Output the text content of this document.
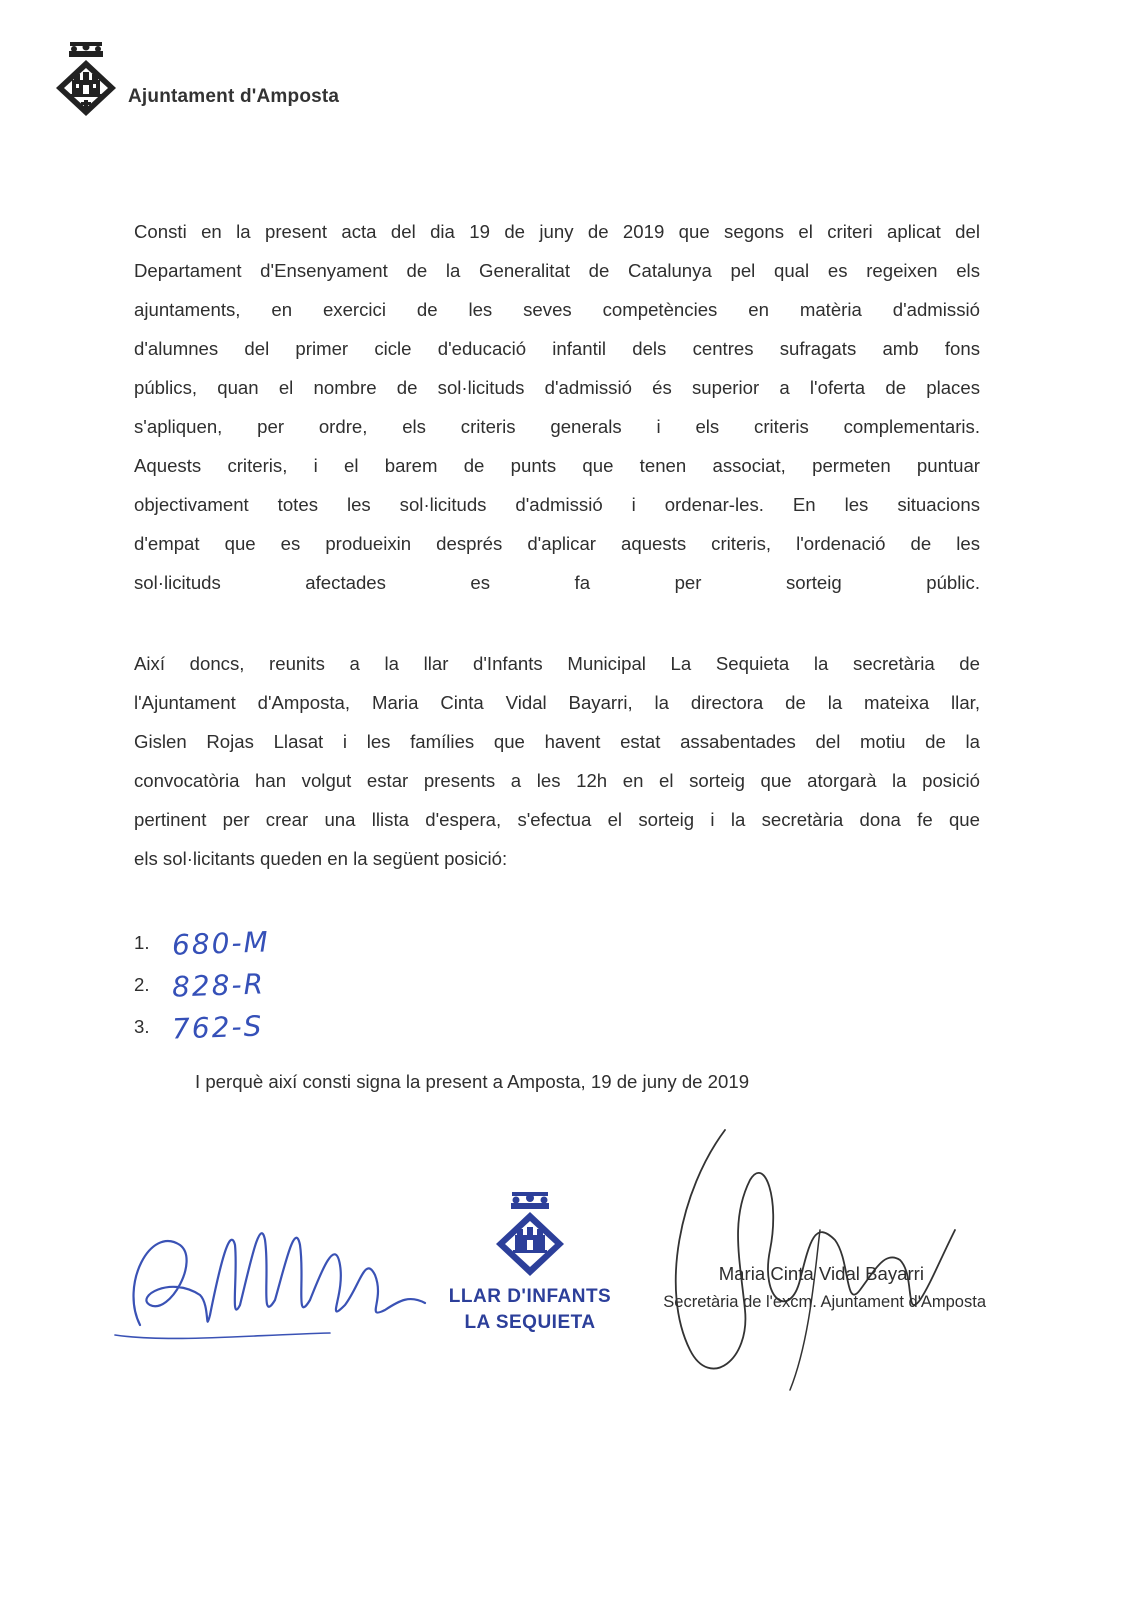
Ajuntament d'Amposta
Consti en la present acta del dia 19 de juny de 2019 que segons el criteri aplicat del
Departament d'Ensenyament de la Generalitat de Catalunya pel qual es regeixen els
ajuntaments, en exercici de les seves competències en matèria d'admissió
d'alumnes del primer cicle d'educació infantil dels centres sufragats amb fons
públics, quan el nombre de sol·licituds d'admissió és superior a l'oferta de places
s'apliquen, per ordre, els criteris generals i els criteris complementaris.
Aquests criteris, i el barem de punts que tenen associat, permeten puntuar
objectivament totes les sol·licituds d'admissió i ordenar-les. En les situacions
d'empat que es produeixin després d'aplicar aquests criteris, l'ordenació de les
sol·licituds afectades es fa per sorteig públic.
Així doncs, reunits a la llar d'Infants Municipal La Sequieta la secretària de
l'Ajuntament d'Amposta, Maria Cinta Vidal Bayarri, la directora de la mateixa llar,
Gislen Rojas Llasat i les famílies que havent estat assabentades del motiu de la
convocatòria han volgut estar presents a les 12h en el sorteig que atorgarà la posició
pertinent per crear una llista d'espera, s'efectua el sorteig i la secretària dona fe que
els sol·licitants queden en la següent posició:
1. 680-M
2. 828-R
3. 762-S
I perquè així consti signa la present a Amposta, 19 de juny de 2019
LLAR D'INFANTS
LA SEQUIETA
Maria Cinta Vidal Bayarri
Secretària de l'excm. Ajuntament d'Amposta
